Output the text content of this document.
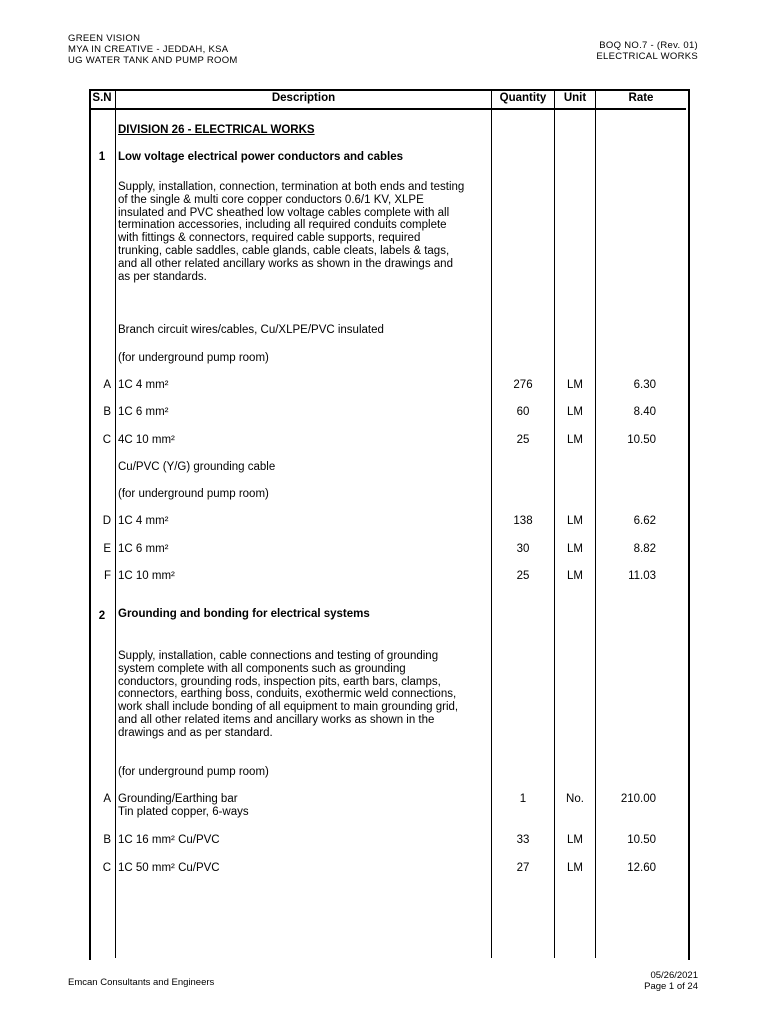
GREEN VISION
MYA IN CREATIVE - JEDDAH, KSA
UG WATER TANK AND PUMP ROOM
BOQ NO.7 - (Rev. 01)
ELECTRICAL WORKS
S.N	Description	Quantity	Unit	Rate
DIVISION 26 - ELECTRICAL WORKS
1	Low voltage electrical power conductors and cables
Supply, installation, connection, termination at both ends and testing
of the single & multi core copper conductors 0.6/1 KV, XLPE
insulated and PVC sheathed low voltage cables complete with all
termination accessories, including all required conduits complete
with fittings & connectors, required cable supports, required
trunking, cable saddles, cable glands, cable cleats, labels & tags,
and all other related ancillary works as shown in the drawings and
as per standards.
Branch circuit wires/cables, Cu/XLPE/PVC insulated
(for underground pump room)
A 1C 4 mm²	276	LM	6.30
B 1C 6 mm²	60	LM	8.40
C 4C 10 mm²	25	LM	10.50
Cu/PVC (Y/G) grounding cable
(for underground pump room)
D 1C 4 mm²	138	LM	6.62
E 1C 6 mm²	30	LM	8.82
F 1C 10 mm²	25	LM	11.03
2	Grounding and bonding for electrical systems
Supply, installation, cable connections and testing of grounding
system complete with all components such as grounding
conductors, grounding rods, inspection pits, earth bars, clamps,
connectors, earthing boss, conduits, exothermic weld connections,
work shall include bonding of all equipment to main grounding grid,
and all other related items and ancillary works as shown in the
drawings and as per standard.
(for underground pump room)
A Grounding/Earthing bar
Tin plated copper, 6-ways
1	No.	210.00
B 1C 16 mm² Cu/PVC	33	LM	10.50
C 1C 50 mm² Cu/PVC	27	LM	12.60
Emcan Consultants and Engineers
05/26/2021
Page 1 of 24
